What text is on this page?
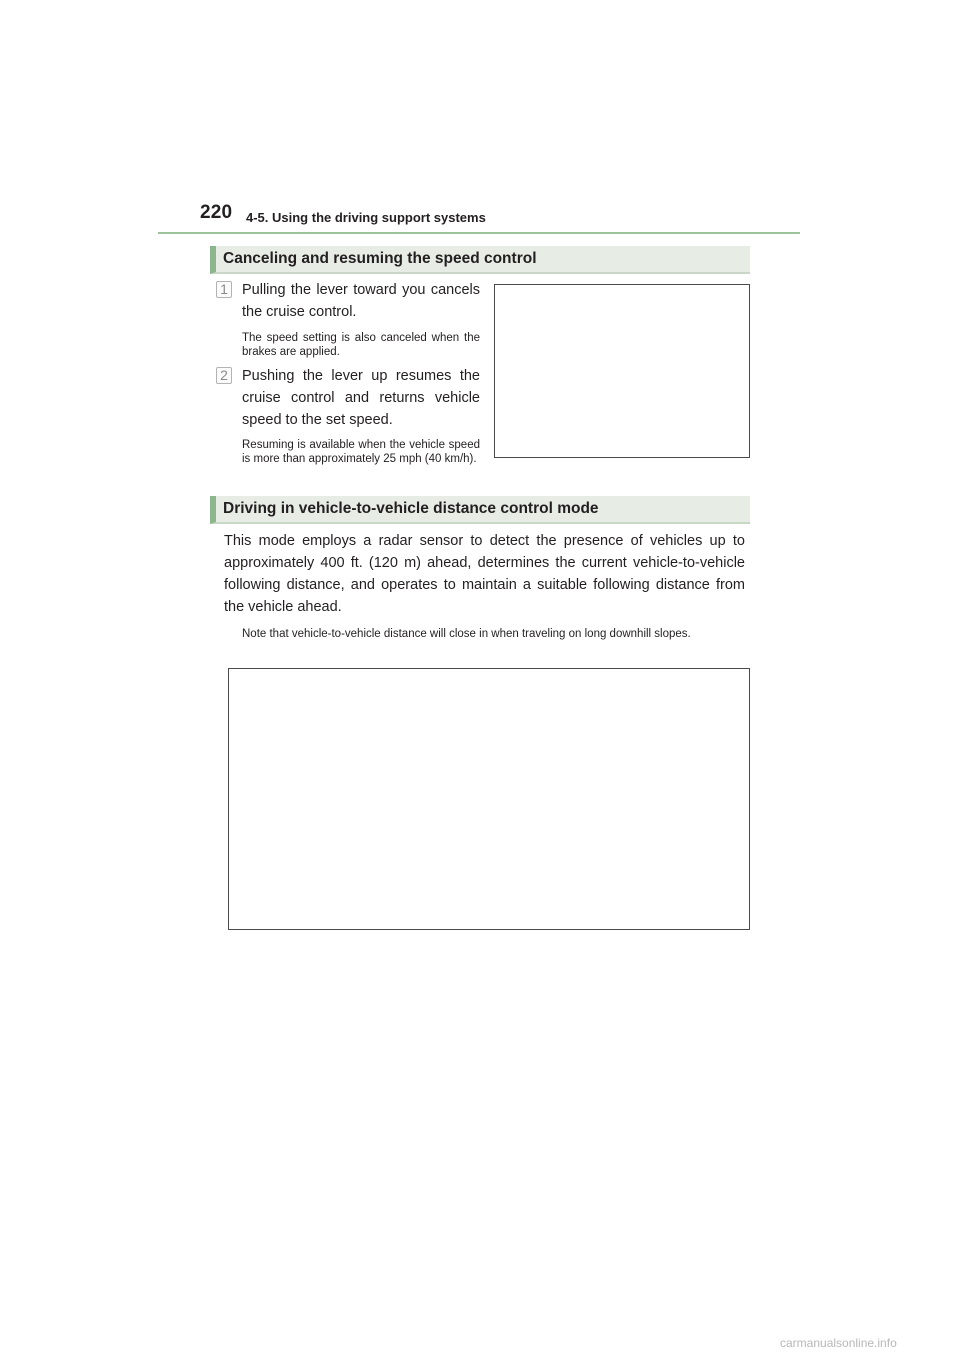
220 4-5. Using the driving support systems
Canceling and resuming the speed control
1 Pulling the lever toward you cancels the cruise control.
The speed setting is also canceled when the brakes are applied.
2 Pushing the lever up resumes the cruise control and returns vehicle speed to the set speed.
Resuming is available when the vehicle speed is more than approximately 25 mph (40 km/h).
Driving in vehicle-to-vehicle distance control mode
This mode employs a radar sensor to detect the presence of vehicles up to approximately 400 ft. (120 m) ahead, determines the current vehicle-to-vehicle following distance, and operates to maintain a suitable following distance from the vehicle ahead.
Note that vehicle-to-vehicle distance will close in when traveling on long downhill slopes.
carmanualsonline.info
